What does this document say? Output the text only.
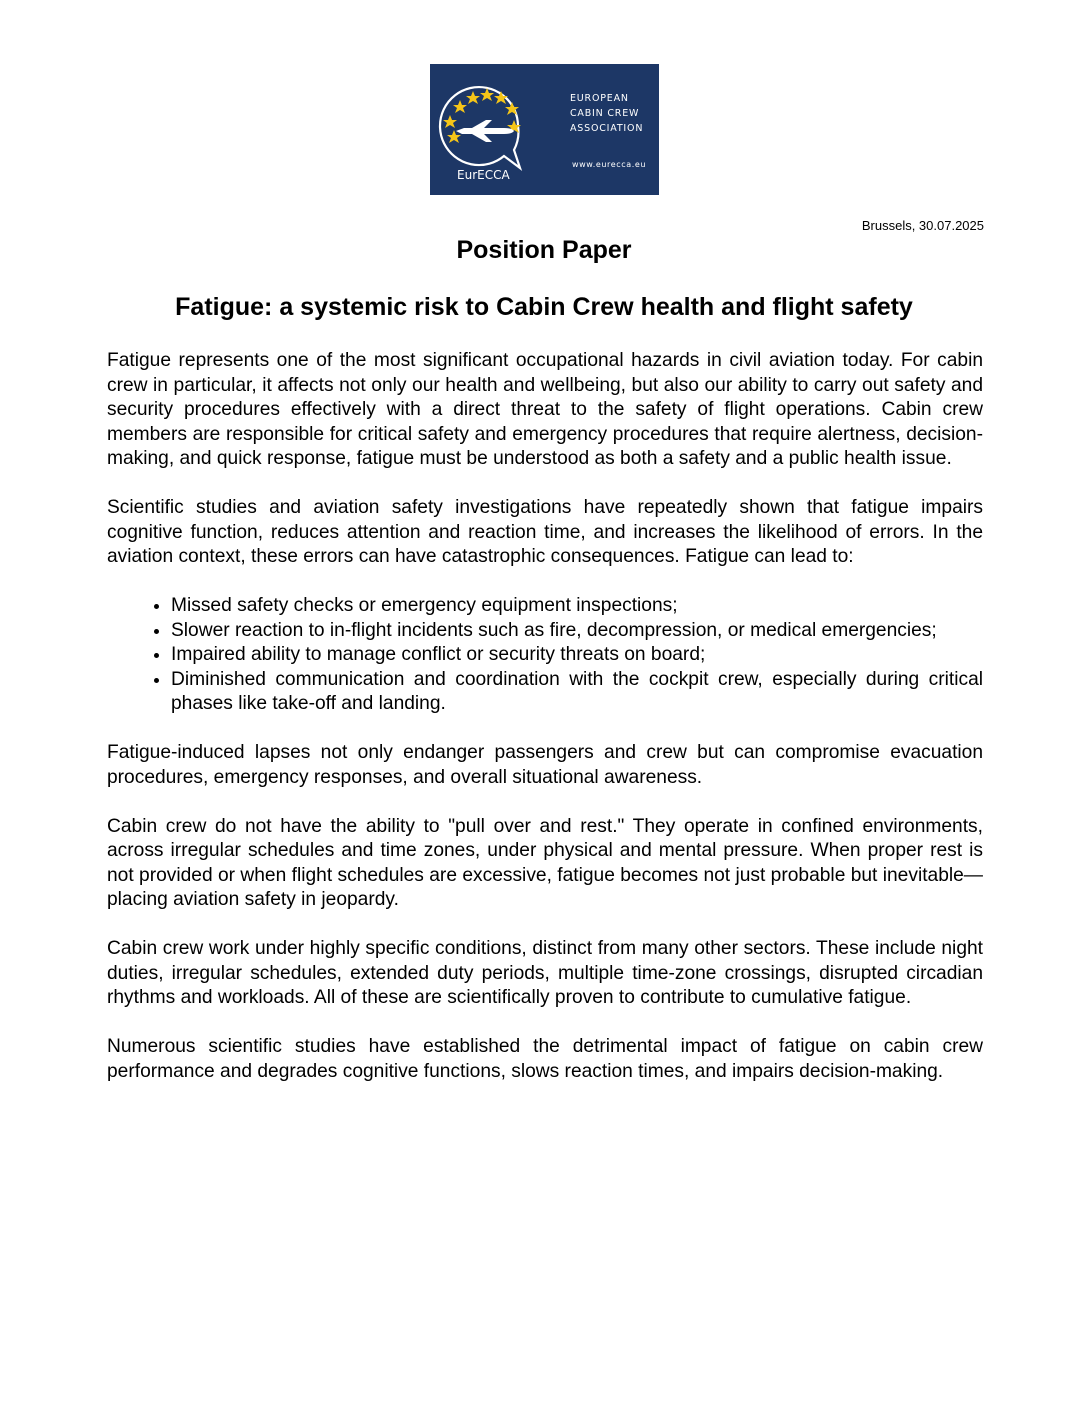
EurECCA
EUROPEAN
CABIN CREW
ASSOCIATION
www.eurecca.eu
Brussels, 30.07.2025
Position Paper
Fatigue: a systemic risk to Cabin Crew health and flight safety

Fatigue represents one of the most significant occupational hazards in civil aviation today. For cabin crew in particular, it affects not only our health and wellbeing, but also our ability to carry out safety and security procedures effectively with a direct threat to the safety of flight operations. Cabin crew members are responsible for critical safety and emergency procedures that require alertness, decision-making, and quick response, fatigue must be understood as both a safety and a public health issue.

Scientific studies and aviation safety investigations have repeatedly shown that fatigue impairs cognitive function, reduces attention and reaction time, and increases the likelihood of errors. In the aviation context, these errors can have catastrophic consequences. Fatigue can lead to:

• Missed safety checks or emergency equipment inspections;
• Slower reaction to in-flight incidents such as fire, decompression, or medical emergencies;
• Impaired ability to manage conflict or security threats on board;
• Diminished communication and coordination with the cockpit crew, especially during critical phases like take-off and landing.

Fatigue-induced lapses not only endanger passengers and crew but can compromise evacuation procedures, emergency responses, and overall situational awareness.

Cabin crew do not have the ability to "pull over and rest." They operate in confined environments, across irregular schedules and time zones, under physical and mental pressure. When proper rest is not provided or when flight schedules are excessive, fatigue becomes not just probable but inevitable—placing aviation safety in jeopardy.

Cabin crew work under highly specific conditions, distinct from many other sectors. These include night duties, irregular schedules, extended duty periods, multiple time-zone crossings, disrupted circadian rhythms and workloads. All of these are scientifically proven to contribute to cumulative fatigue.

Numerous scientific studies have established the detrimental impact of fatigue on cabin crew performance and degrades cognitive functions, slows reaction times, and impairs decision-making.
